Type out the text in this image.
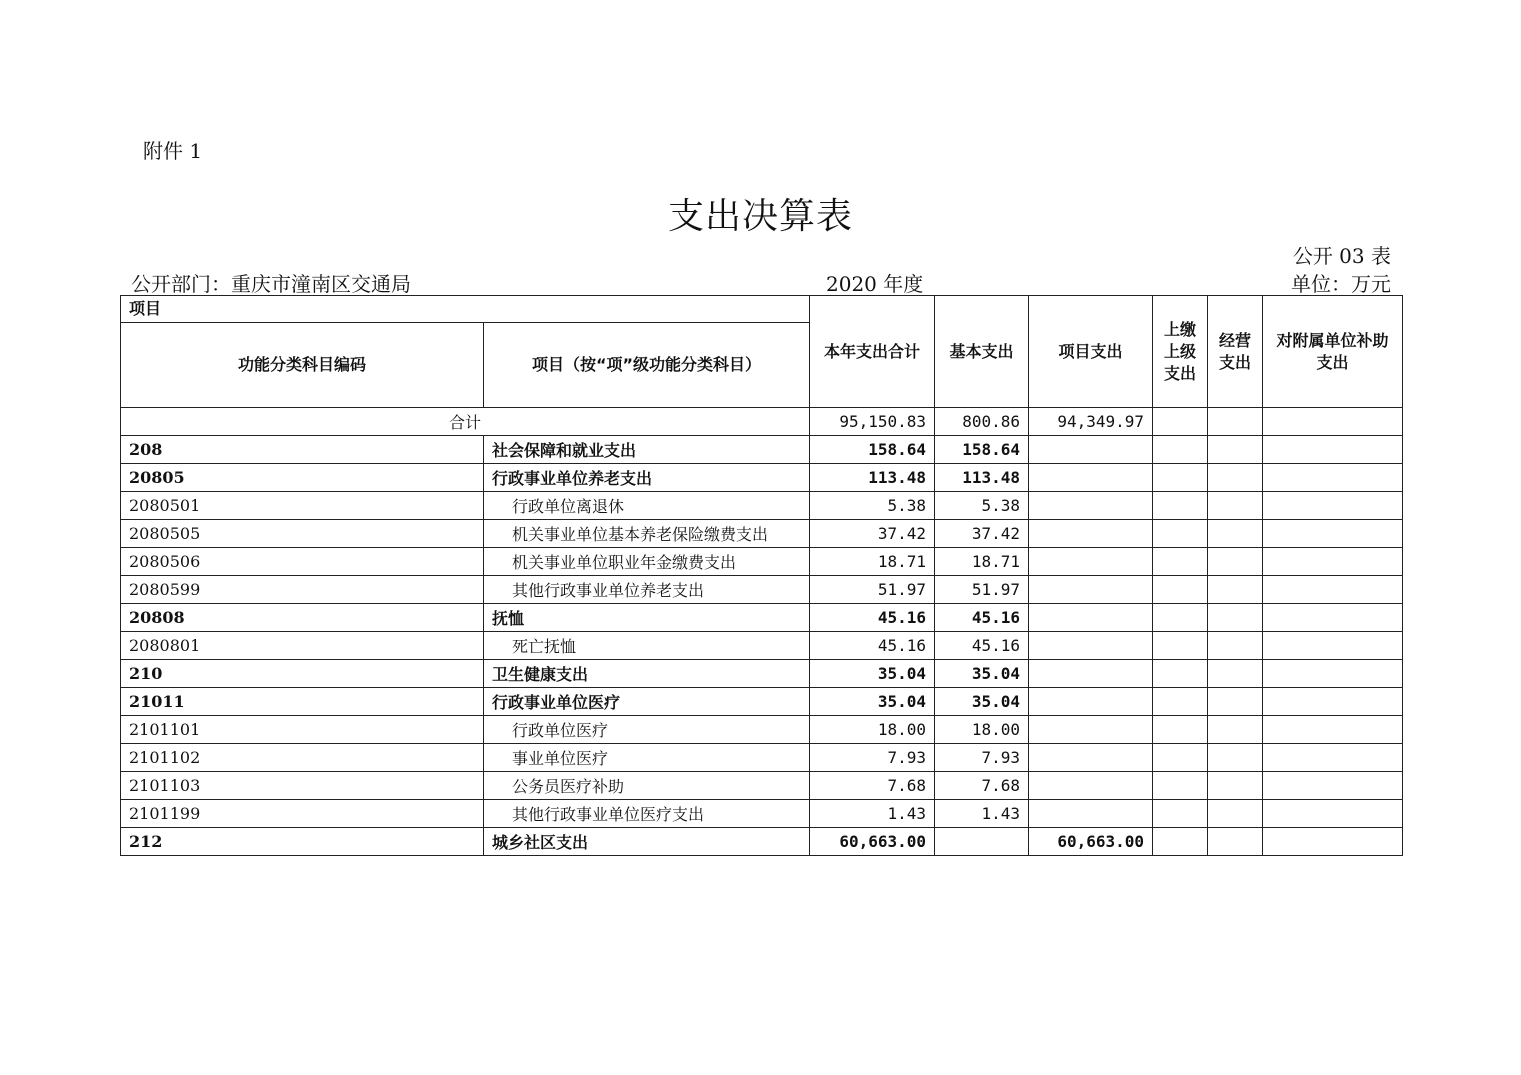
附件 1
支出决算表
公开 03 表
公开部门：重庆市潼南区交通局	2020 年度	单位：万元
项目		本年支出合计	基本支出	项目支出	上缴上级支出	经营支出	对附属单位补助支出
功能分类科目编码	项目（按“项”级功能分类科目）						
合计		95,150.83	800.86	94,349.97			
208	社会保障和就业支出	158.64	158.64				
20805	行政事业单位养老支出	113.48	113.48				
2080501	行政单位离退休	5.38	5.38				
2080505	机关事业单位基本养老保险缴费支出	37.42	37.42				
2080506	机关事业单位职业年金缴费支出	18.71	18.71				
2080599	其他行政事业单位养老支出	51.97	51.97				
20808	抚恤	45.16	45.16				
2080801	死亡抚恤	45.16	45.16				
210	卫生健康支出	35.04	35.04				
21011	行政事业单位医疗	35.04	35.04				
2101101	行政单位医疗	18.00	18.00				
2101102	事业单位医疗	7.93	7.93				
2101103	公务员医疗补助	7.68	7.68				
2101199	其他行政事业单位医疗支出	1.43	1.43				
212	城乡社区支出	60,663.00		60,663.00			
